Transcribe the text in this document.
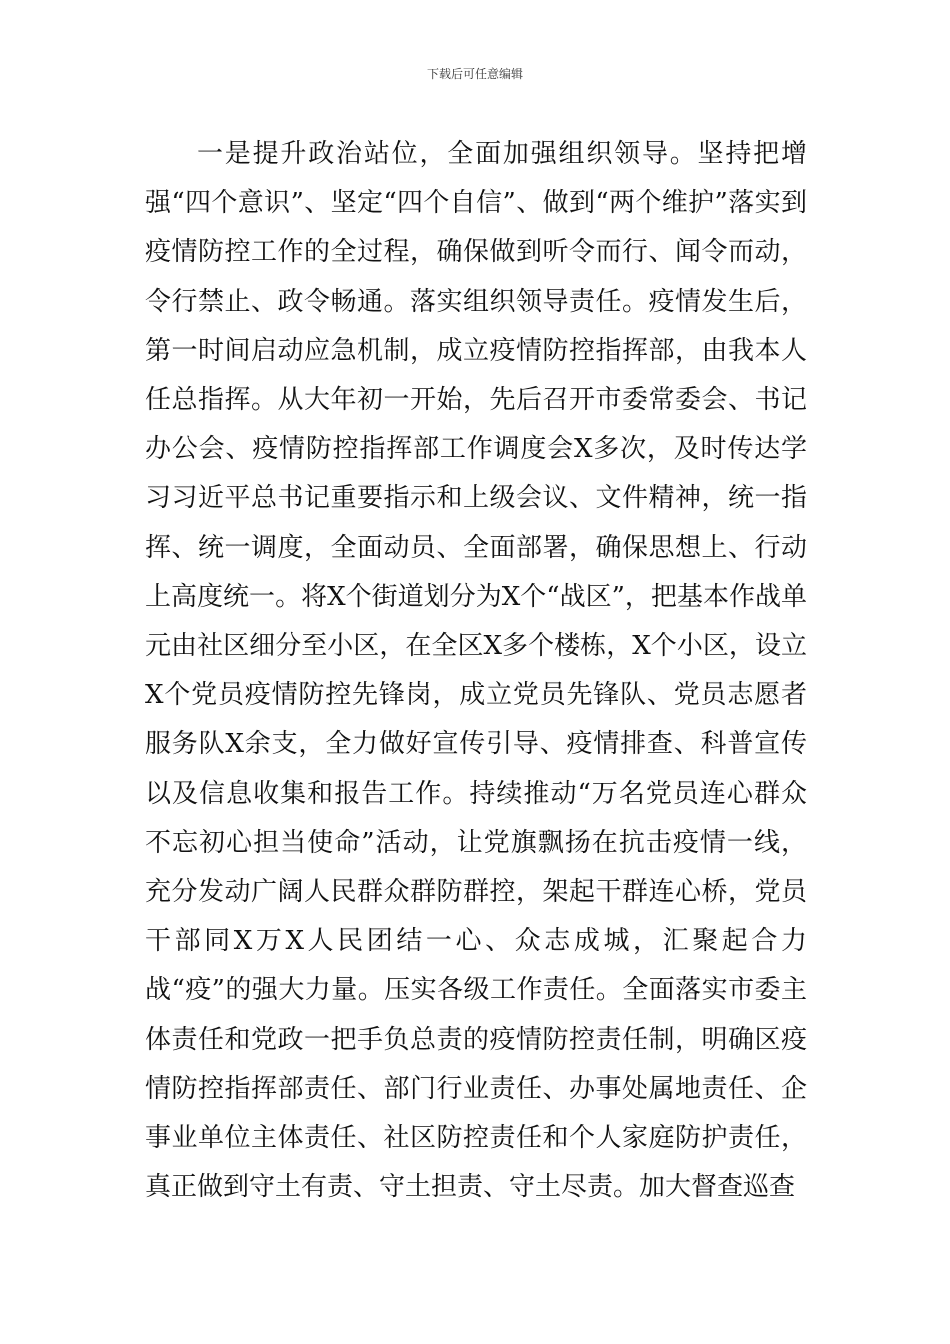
下载后可任意编辑

一是提升政治站位，全面加强组织领导。坚持把增强“四个意识”、坚定“四个自信”、做到“两个维护”落实到疫情防控工作的全过程，确保做到听令而行、闻令而动，令行禁止、政令畅通。落实组织领导责任。疫情发生后，第一时间启动应急机制，成立疫情防控指挥部，由我本人任总指挥。从大年初一开始，先后召开市委常委会、书记办公会、疫情防控指挥部工作调度会X多次，及时传达学习习近平总书记重要指示和上级会议、文件精神，统一指挥、统一调度，全面动员、全面部署，确保思想上、行动上高度统一。将X个街道划分为X个“战区”，把基本作战单元由社区细分至小区，在全区X多个楼栋，X个小区，设立X个党员疫情防控先锋岗，成立党员先锋队、党员志愿者服务队X余支，全力做好宣传引导、疫情排查、科普宣传以及信息收集和报告工作。持续推动“万名党员连心群众不忘初心担当使命”活动，让党旗飘扬在抗击疫情一线，充分发动广阔人民群众群防群控，架起干群连心桥，党员干部同X万X人民团结一心、众志成城，汇聚起合力战“疫”的强大力量。压实各级工作责任。全面落实市委主体责任和党政一把手负总责的疫情防控责任制，明确区疫情防控指挥部责任、部门行业责任、办事处属地责任、企事业单位主体责任、社区防控责任和个人家庭防护责任，真正做到守土有责、守土担责、守土尽责。加大督查巡查
